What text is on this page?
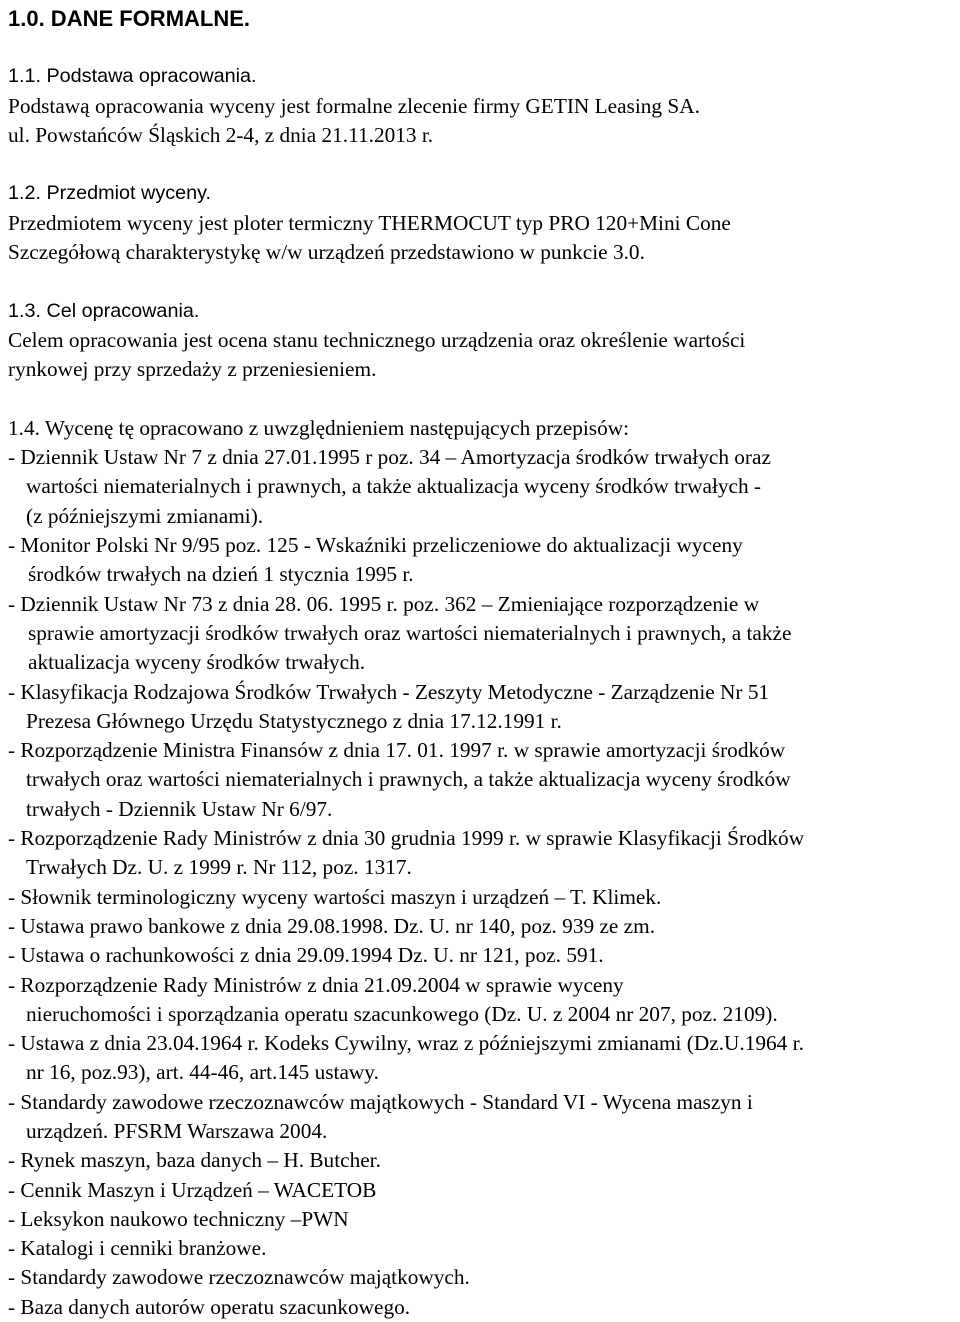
1.0. DANE FORMALNE.
1.1. Podstawa opracowania.
Podstawą opracowania wyceny jest formalne zlecenie firmy GETIN Leasing SA.
ul. Powstańców Śląskich 2-4, z dnia 21.11.2013 r.
1.2. Przedmiot wyceny.
Przedmiotem wyceny jest ploter termiczny THERMOCUT typ PRO 120+Mini Cone
Szczegółową charakterystykę w/w urządzeń przedstawiono w punkcie 3.0.
1.3. Cel opracowania.
Celem opracowania jest ocena stanu technicznego urządzenia oraz określenie wartości
rynkowej przy sprzedaży z przeniesieniem.
1.4. Wycenę tę opracowano z uwzględnieniem następujących przepisów:
- Dziennik Ustaw Nr 7 z dnia 27.01.1995 r poz. 34 – Amortyzacja środków trwałych oraz
wartości niematerialnych i prawnych, a także aktualizacja wyceny środków trwałych -
(z późniejszymi zmianami).
- Monitor Polski Nr 9/95 poz. 125 - Wskaźniki przeliczeniowe do aktualizacji wyceny
środków trwałych na dzień 1 stycznia 1995 r.
- Dziennik Ustaw Nr 73 z dnia 28. 06. 1995 r. poz. 362 – Zmieniające rozporządzenie w
sprawie amortyzacji środków trwałych oraz wartości niematerialnych i prawnych, a także
aktualizacja wyceny środków trwałych.
- Klasyfikacja Rodzajowa Środków Trwałych - Zeszyty Metodyczne - Zarządzenie Nr 51
Prezesa Głównego Urzędu Statystycznego z dnia 17.12.1991 r.
- Rozporządzenie Ministra Finansów z dnia 17. 01. 1997 r. w sprawie amortyzacji środków
trwałych oraz wartości niematerialnych i prawnych, a także aktualizacja wyceny środków
trwałych - Dziennik Ustaw Nr 6/97.
- Rozporządzenie Rady Ministrów z dnia 30 grudnia 1999 r. w sprawie Klasyfikacji Środków
Trwałych Dz. U. z 1999 r. Nr 112, poz. 1317.
- Słownik terminologiczny wyceny wartości maszyn i urządzeń – T. Klimek.
- Ustawa prawo bankowe z dnia 29.08.1998. Dz. U. nr 140, poz. 939 ze zm.
- Ustawa o rachunkowości z dnia 29.09.1994 Dz. U. nr 121, poz. 591.
- Rozporządzenie Rady Ministrów z dnia 21.09.2004 w sprawie wyceny
nieruchomości i sporządzania operatu szacunkowego (Dz. U. z 2004 nr 207, poz. 2109).
- Ustawa z dnia 23.04.1964 r. Kodeks Cywilny, wraz z późniejszymi zmianami (Dz.U.1964 r.
nr 16, poz.93), art. 44-46, art.145 ustawy.
- Standardy zawodowe rzeczoznawców majątkowych - Standard VI - Wycena maszyn i
urządzeń. PFSRM Warszawa 2004.
- Rynek maszyn, baza danych – H. Butcher.
- Cennik Maszyn i Urządzeń – WACETOB
- Leksykon naukowo techniczny –PWN
- Katalogi i cenniki branżowe.
- Standardy zawodowe rzeczoznawców majątkowych.
- Baza danych autorów operatu szacunkowego.
